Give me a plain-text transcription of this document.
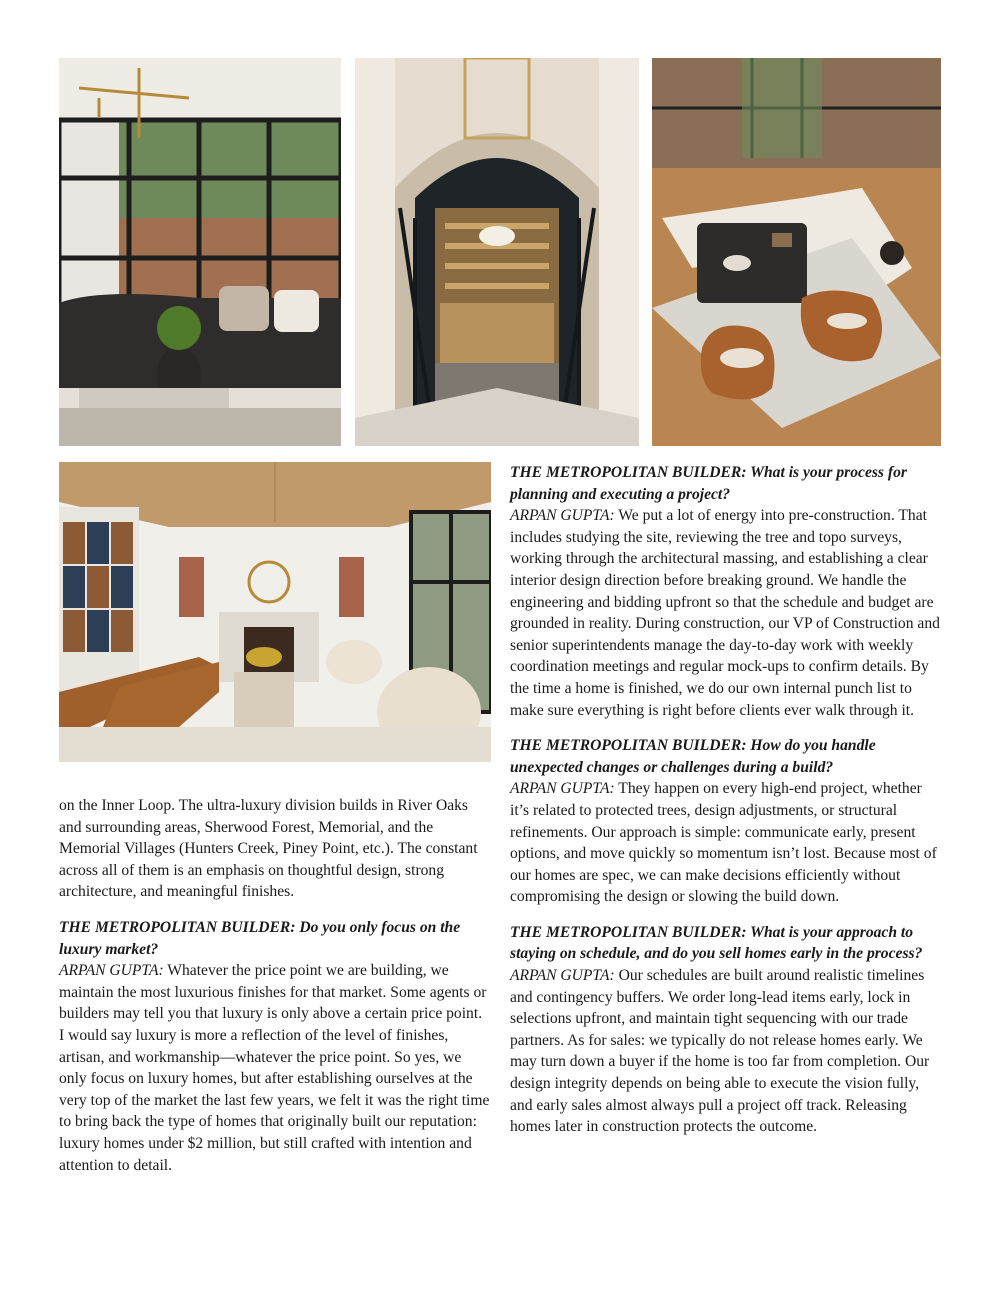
on the Inner Loop. The ultra-luxury division builds in River Oaks and surrounding areas, Sherwood Forest, Memorial, and the Memorial Villages (Hunters Creek, Piney Point, etc.). The constant across all of them is an emphasis on thoughtful design, strong architecture, and meaningful finishes.

THE METROPOLITAN BUILDER: Do you only focus on the luxury market?
ARPAN GUPTA: Whatever the price point we are building, we maintain the most luxurious finishes for that market. Some agents or builders may tell you that luxury is only above a certain price point. I would say luxury is more a reflection of the level of finishes, artisan, and workmanship—whatever the price point. So yes, we only focus on luxury homes, but after establishing ourselves at the very top of the market the last few years, we felt it was the right time to bring back the type of homes that originally built our reputation: luxury homes under $2 million, but still crafted with intention and attention to detail.

THE METROPOLITAN BUILDER: What is your process for planning and executing a project?
ARPAN GUPTA: We put a lot of energy into pre-construction. That includes studying the site, reviewing the tree and topo surveys, working through the architectural massing, and establishing a clear interior design direction before breaking ground. We handle the engineering and bidding upfront so that the schedule and budget are grounded in reality. During construction, our VP of Construction and senior superintendents manage the day-to-day work with weekly coordination meetings and regular mock-ups to confirm details. By the time a home is finished, we do our own internal punch list to make sure everything is right before clients ever walk through it.

THE METROPOLITAN BUILDER: How do you handle unexpected changes or challenges during a build?
ARPAN GUPTA: They happen on every high-end project, whether it’s related to protected trees, design adjustments, or structural refinements. Our approach is simple: communicate early, present options, and move quickly so momentum isn’t lost. Because most of our homes are spec, we can make decisions efficiently without compromising the design or slowing the build down.

THE METROPOLITAN BUILDER: What is your approach to staying on schedule, and do you sell homes early in the process?
ARPAN GUPTA: Our schedules are built around realistic timelines and contingency buffers. We order long-lead items early, lock in selections upfront, and maintain tight sequencing with our trade partners. As for sales: we typically do not release homes early. We may turn down a buyer if the home is too far from completion. Our design integrity depends on being able to execute the vision fully, and early sales almost always pull a project off track. Releasing homes later in construction protects the outcome.
